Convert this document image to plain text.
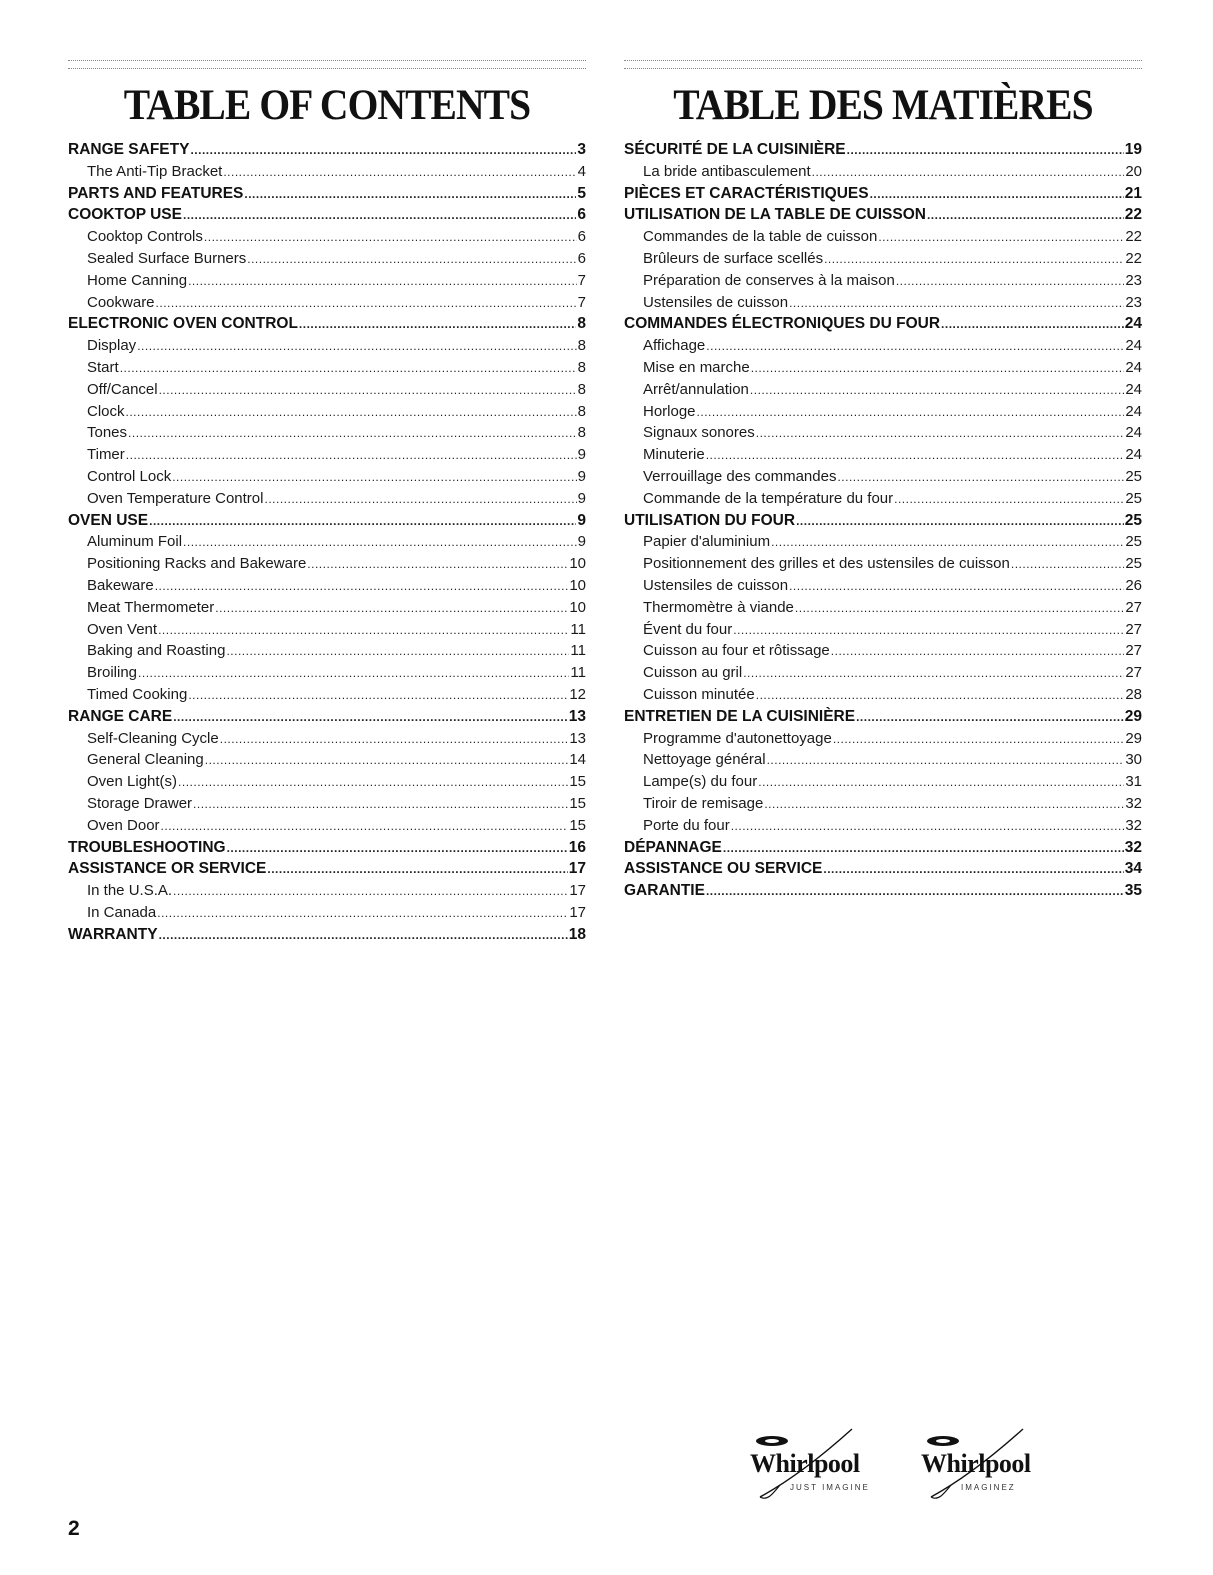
TABLE OF CONTENTS
RANGE SAFETY .....	3
The Anti-Tip Bracket .....	4
PARTS AND FEATURES .....	5
COOKTOP USE .....	6
Cooktop Controls .....	6
Sealed Surface Burners .....	6
Home Canning .....	7
Cookware .....	7
ELECTRONIC OVEN CONTROL .....	8
Display .....	8
Start .....	8
Off/Cancel .....	8
Clock .....	8
Tones .....	8
Timer .....	9
Control Lock .....	9
Oven Temperature Control .....	9
OVEN USE .....	9
Aluminum Foil .....	9
Positioning Racks and Bakeware .....	10
Bakeware .....	10
Meat Thermometer .....	10
Oven Vent .....	11
Baking and Roasting .....	11
Broiling .....	11
Timed Cooking .....	12
RANGE CARE .....	13
Self-Cleaning Cycle .....	13
General Cleaning .....	14
Oven Light(s) .....	15
Storage Drawer .....	15
Oven Door .....	15
TROUBLESHOOTING .....	16
ASSISTANCE OR SERVICE .....	17
In the U.S.A. .....	17
In Canada .....	17
WARRANTY .....	18
TABLE DES MATIÈRES
SÉCURITÉ DE LA CUISINIÈRE .....	19
La bride antibasculement .....	20
PIÈCES ET CARACTÉRISTIQUES .....	21
UTILISATION DE LA TABLE DE CUISSON .....	22
Commandes de la table de cuisson .....	22
Brûleurs de surface scellés .....	22
Préparation de conserves à la maison .....	23
Ustensiles de cuisson .....	23
COMMANDES ÉLECTRONIQUES DU FOUR .....	24
Affichage .....	24
Mise en marche .....	24
Arrêt/annulation .....	24
Horloge .....	24
Signaux sonores .....	24
Minuterie .....	24
Verrouillage des commandes .....	25
Commande de la température du four .....	25
UTILISATION DU FOUR .....	25
Papier d'aluminium .....	25
Positionnement des grilles et des ustensiles de cuisson .....	25
Ustensiles de cuisson .....	26
Thermomètre à viande .....	27
Évent du four .....	27
Cuisson au four et rôtissage .....	27
Cuisson au gril .....	27
Cuisson minutée .....	28
ENTRETIEN DE LA CUISINIÈRE .....	29
Programme d'autonettoyage .....	29
Nettoyage général .....	30
Lampe(s) du four .....	31
Tiroir de remisage .....	32
Porte du four .....	32
DÉPANNAGE .....	32
ASSISTANCE OU SERVICE .....	34
GARANTIE .....	35
2
Whirlpool
JUST IMAGINE
Whirlpool
IMAGINEZ
